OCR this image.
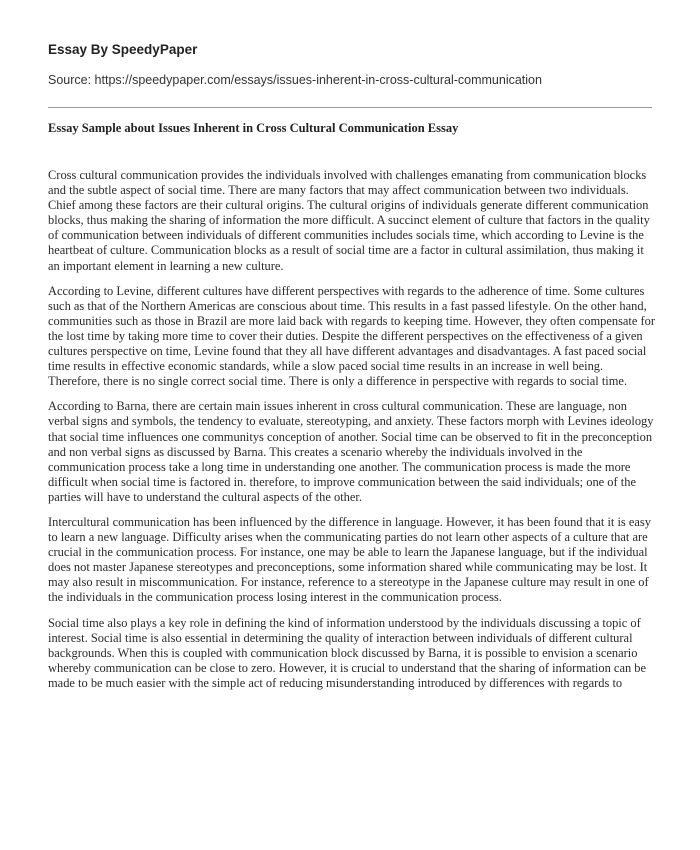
Essay By SpeedyPaper
Source: https://speedypaper.com/essays/issues-inherent-in-cross-cultural-communication
Essay Sample about Issues Inherent in Cross Cultural Communication Essay

Cross cultural communication provides the individuals involved with challenges emanating from communication blocks and the subtle aspect of social time. There are many factors that may affect communication between two individuals. Chief among these factors are their cultural origins. The cultural origins of individuals generate different communication blocks, thus making the sharing of information the more difficult. A succinct element of culture that factors in the quality of communication between individuals of different communities includes socials time, which according to Levine is the heartbeat of culture. Communication blocks as a result of social time are a factor in cultural assimilation, thus making it an important element in learning a new culture.

According to Levine, different cultures have different perspectives with regards to the adherence of time. Some cultures such as that of the Northern Americas are conscious about time. This results in a fast passed lifestyle. On the other hand, communities such as those in Brazil are more laid back with regards to keeping time. However, they often compensate for the lost time by taking more time to cover their duties. Despite the different perspectives on the effectiveness of a given cultures perspective on time, Levine found that they all have different advantages and disadvantages. A fast paced social time results in effective economic standards, while a slow paced social time results in an increase in well being. Therefore, there is no single correct social time. There is only a difference in perspective with regards to social time.

According to Barna, there are certain main issues inherent in cross cultural communication. These are language, non verbal signs and symbols, the tendency to evaluate, stereotyping, and anxiety. These factors morph with Levines ideology that social time influences one communitys conception of another. Social time can be observed to fit in the preconception and non verbal signs as discussed by Barna. This creates a scenario whereby the individuals involved in the communication process take a long time in understanding one another. The communication process is made the more difficult when social time is factored in. therefore, to improve communication between the said individuals; one of the parties will have to understand the cultural aspects of the other.

Intercultural communication has been influenced by the difference in language. However, it has been found that it is easy to learn a new language. Difficulty arises when the communicating parties do not learn other aspects of a culture that are crucial in the communication process. For instance, one may be able to learn the Japanese language, but if the individual does not master Japanese stereotypes and preconceptions, some information shared while communicating may be lost. It may also result in miscommunication. For instance, reference to a stereotype in the Japanese culture may result in one of the individuals in the communication process losing interest in the communication process.

Social time also plays a key role in defining the kind of information understood by the individuals discussing a topic of interest. Social time is also essential in determining the quality of interaction between individuals of different cultural backgrounds. When this is coupled with communication block discussed by Barna, it is possible to envision a scenario whereby communication can be close to zero. However, it is crucial to understand that the sharing of information can be made to be much easier with the simple act of reducing misunderstanding introduced by differences with regards to
